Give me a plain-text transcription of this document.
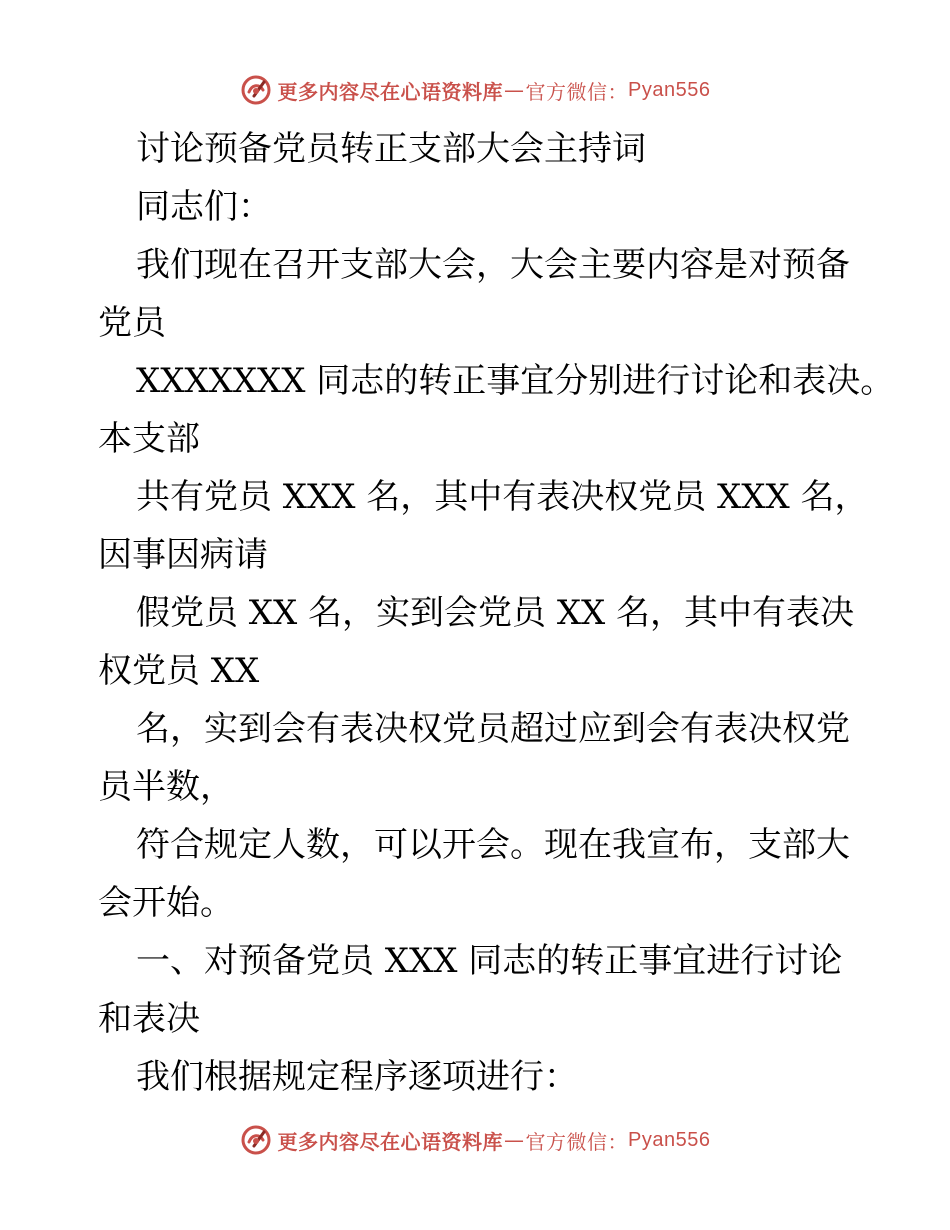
更多内容尽在心语资料库 — 官方微信： Pyan556
讨论预备党员转正支部大会主持词
同志们：
我们现在召开支部大会，大会主要内容是对预备
党员
XXXXXXX 同志的转正事宜分别进行讨论和表决。
本支部
共有党员 XXX 名，其中有表决权党员 XXX 名，
因事因病请
假党员 XX 名，实到会党员 XX 名，其中有表决
权党员 XX
名，实到会有表决权党员超过应到会有表决权党
员半数，
符合规定人数，可以开会。现在我宣布，支部大
会开始。
一、对预备党员 XXX 同志的转正事宜进行讨论
和表决
我们根据规定程序逐项进行：
更多内容尽在心语资料库 — 官方微信： Pyan556
